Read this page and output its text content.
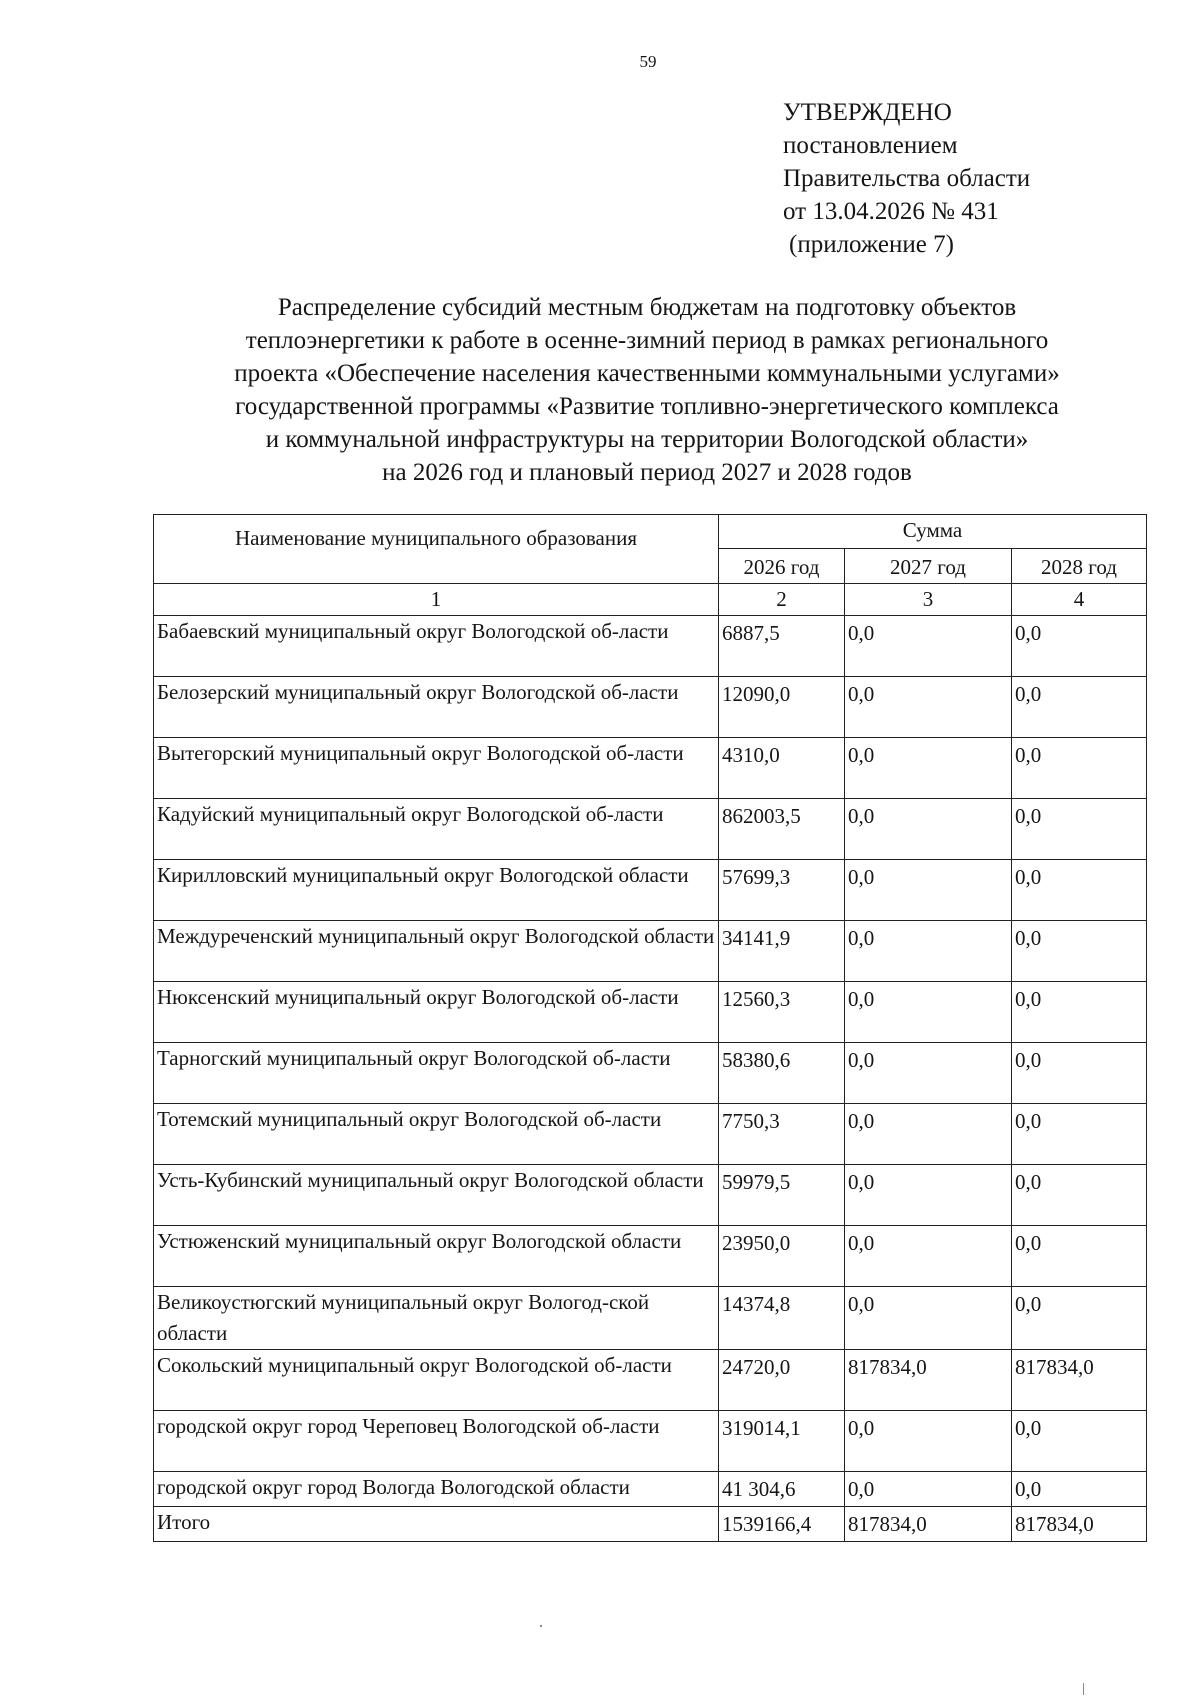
59
УТВЕРЖДЕНО
постановлением
Правительства области
от 13.04.2026 № 431
(приложение 7)
Распределение субсидий местным бюджетам на подготовку объектов
теплоэнергетики к работе в осенне-зимний период в рамках регионального
проекта «Обеспечение населения качественными коммунальными услугами»
государственной программы «Развитие топливно-энергетического комплекса
и коммунальной инфраструктуры на территории Вологодской области»
на 2026 год и плановый период 2027 и 2028 годов
Наименование муниципального образования	Сумма		
	2026 год	2027 год	2028 год
1	2	3	4
Бабаевский муниципальный округ Вологодской об-ласти	6887,5	0,0	0,0
Белозерский муниципальный округ Вологодской об-ласти	12090,0	0,0	0,0
Вытегорский муниципальный округ Вологодской об-ласти	4310,0	0,0	0,0
Кадуйский муниципальный округ Вологодской об-ласти	862003,5	0,0	0,0
Кирилловский муниципальный округ Вологодской области	57699,3	0,0	0,0
Междуреченский муниципальный округ Вологодской области	34141,9	0,0	0,0
Нюксенский муниципальный округ Вологодской об-ласти	12560,3	0,0	0,0
Тарногский муниципальный округ Вологодской об-ласти	58380,6	0,0	0,0
Тотемский муниципальный округ Вологодской об-ласти	7750,3	0,0	0,0
Усть-Кубинский муниципальный округ Вологодской области	59979,5	0,0	0,0
Устюженский муниципальный округ Вологодской области	23950,0	0,0	0,0
Великоустюгский муниципальный округ Вологод-ской области	14374,8	0,0	0,0
Сокольский муниципальный округ Вологодской об-ласти	24720,0	817834,0	817834,0
городской округ город Череповец Вологодской об-ласти	319014,1	0,0	0,0
городской округ город Вологда Вологодской области	41 304,6	0,0	0,0
Итого	1539166,4	817834,0	817834,0
